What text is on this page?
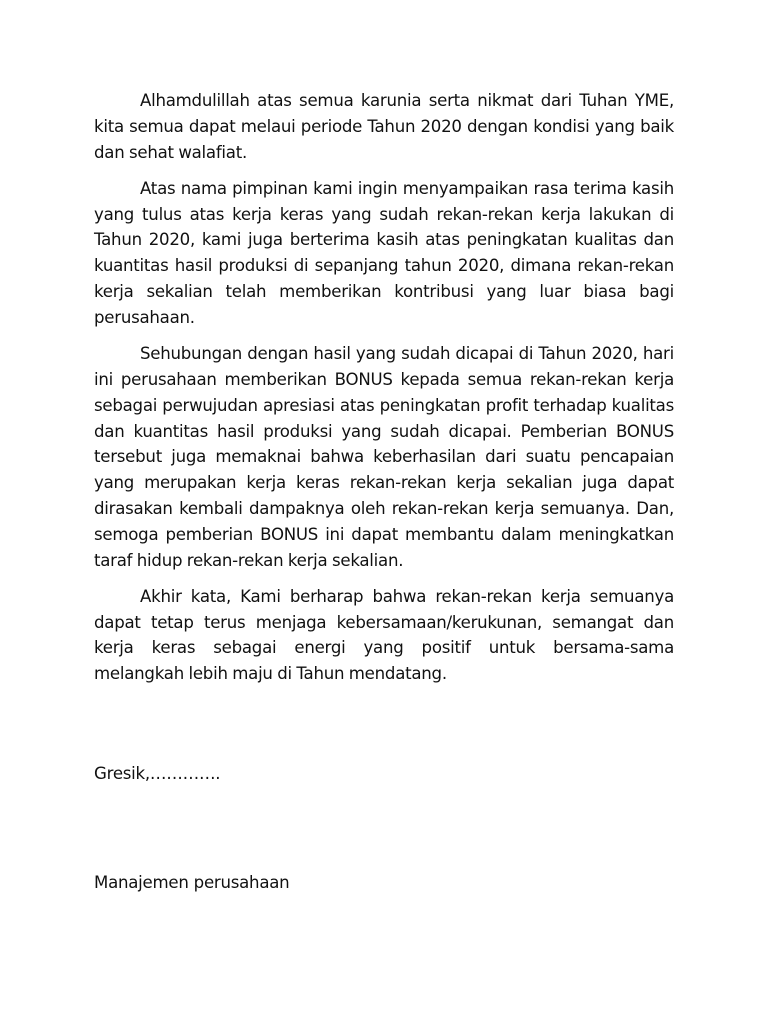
Alhamdulillah atas semua karunia serta nikmat dari Tuhan YME, kita semua dapat melaui periode Tahun 2020 dengan kondisi yang baik dan sehat walafiat.

Atas nama pimpinan kami ingin menyampaikan rasa terima kasih yang tulus atas kerja keras yang sudah rekan-rekan kerja lakukan di Tahun 2020, kami juga berterima kasih atas peningkatan kualitas dan kuantitas hasil produksi di sepanjang tahun 2020, dimana rekan-rekan kerja sekalian telah memberikan kontribusi yang luar biasa bagi perusahaan.

Sehubungan dengan hasil yang sudah dicapai di Tahun 2020, hari ini perusahaan memberikan BONUS kepada semua rekan-rekan kerja sebagai perwujudan apresiasi atas peningkatan profit terhadap kualitas dan kuantitas hasil produksi yang sudah dicapai. Pemberian BONUS tersebut juga memaknai bahwa keberhasilan dari suatu pencapaian yang merupakan kerja keras rekan-rekan kerja sekalian juga dapat dirasakan kembali dampaknya oleh rekan-rekan kerja semuanya. Dan, semoga pemberian BONUS ini dapat membantu dalam meningkatkan taraf hidup rekan-rekan kerja sekalian.

Akhir kata, Kami berharap bahwa rekan-rekan kerja semuanya dapat tetap terus menjaga kebersamaan/kerukunan, semangat dan kerja keras sebagai energi yang positif untuk bersama-sama melangkah lebih maju di Tahun mendatang.

Gresik,………….
Manajemen perusahaan
